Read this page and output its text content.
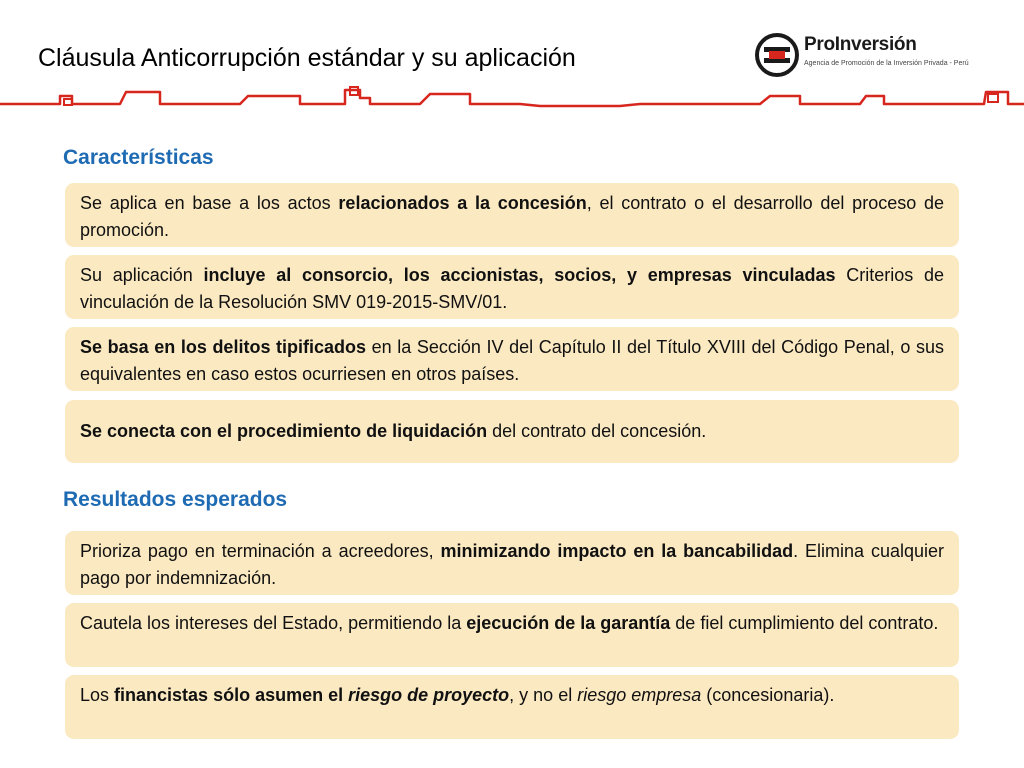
Cláusula Anticorrupción estándar y su aplicación	ProInversión
Agencia de Promoción de la Inversión Privada - Perú
Características
Se aplica en base a los actos relacionados a la concesión, el contrato o el desarrollo del proceso de promoción.
Su aplicación incluye al consorcio, los accionistas, socios, y empresas vinculadas Criterios de vinculación de la Resolución SMV 019-2015-SMV/01.
Se basa en los delitos tipificados en la Sección IV del Capítulo II del Título XVIII del Código Penal, o sus equivalentes en caso estos ocurriesen en otros países.
Se conecta con el procedimiento de liquidación del contrato del concesión.
Resultados esperados
Prioriza pago en terminación a acreedores, minimizando impacto en la bancabilidad. Elimina cualquier pago por indemnización.
Cautela los intereses del Estado, permitiendo la ejecución de la garantía de fiel cumplimiento del contrato.
Los financistas sólo asumen el riesgo de proyecto, y no el riesgo empresa (concesionaria).
